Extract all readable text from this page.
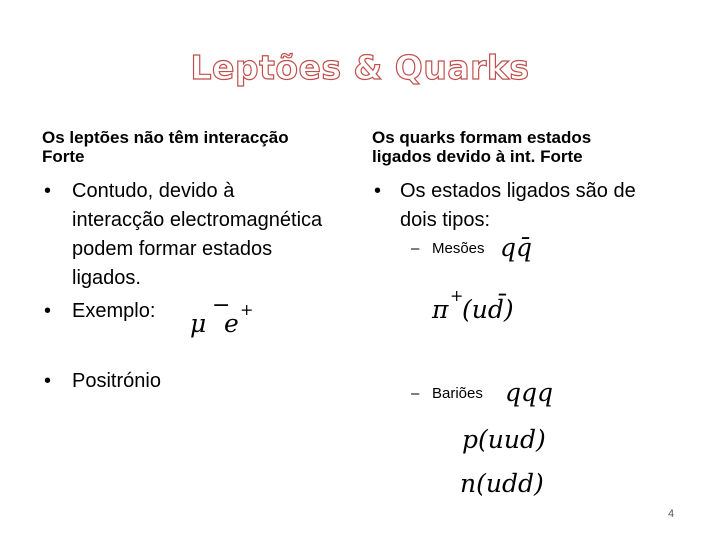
Leptões & Quarks
Os leptões não têm interacção
Forte
• Contudo, devido à
interacção electromagnética
podem formar estados
ligados.
• Exemplo: μ
−
e +
• Positrónio
Os quarks formam estados
ligados devido à int. Forte
• Os estados ligados são de
dois tipos:
– Mesões qq̄
π +
(ud̄)
– Bariões qqq
p(uud)
n(udd)
4
